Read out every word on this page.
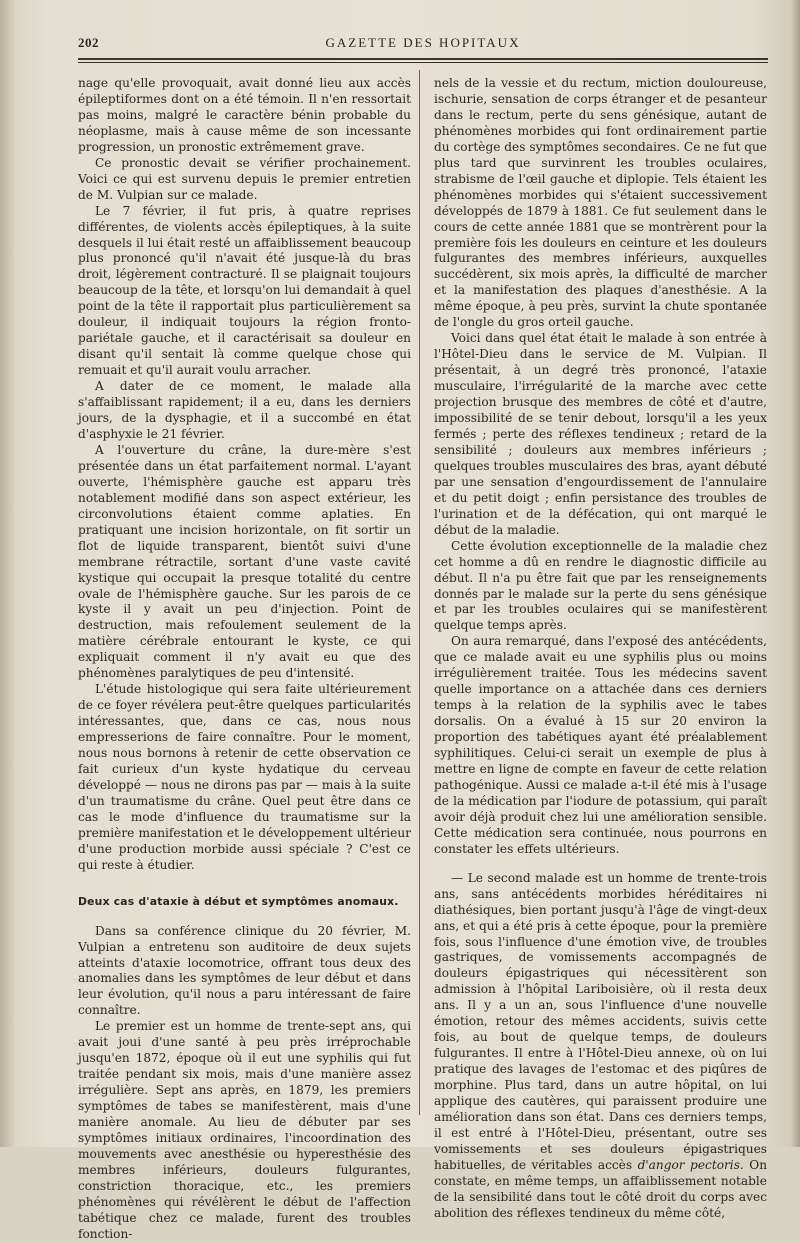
202	GAZETTE DES HOPITAUX

nage qu'elle provoquait, avait donné lieu aux accès épileptiformes dont on a été témoin. Il n'en ressortait pas moins, malgré le caractère bénin probable du néoplasme, mais à cause même de son incessante progression, un pronostic extrêmement grave.

Ce pronostic devait se vérifier prochainement. Voici ce qui est survenu depuis le premier entretien de M. Vulpian sur ce malade.

Le 7 février, il fut pris, à quatre reprises différentes, de violents accès épileptiques, à la suite desquels il lui était resté un affaiblissement beaucoup plus prononcé qu'il n'avait été jusque-là du bras droit, légèrement contracturé. Il se plaignait toujours beaucoup de la tête, et lorsqu'on lui demandait à quel point de la tête il rapportait plus particulièrement sa douleur, il indiquait toujours la région fronto-pariétale gauche, et il caractérisait sa douleur en disant qu'il sentait là comme quelque chose qui remuait et qu'il aurait voulu arracher.

A dater de ce moment, le malade alla s'affaiblissant rapidement; il a eu, dans les derniers jours, de la dysphagie, et il a succombé en état d'asphyxie le 21 février.

A l'ouverture du crâne, la dure-mère s'est présentée dans un état parfaitement normal. L'ayant ouverte, l'hémisphère gauche est apparu très notablement modifié dans son aspect extérieur, les circonvolutions étaient comme aplaties. En pratiquant une incision horizontale, on fit sortir un flot de liquide transparent, bientôt suivi d'une membrane rétractile, sortant d'une vaste cavité kystique qui occupait la presque totalité du centre ovale de l'hémisphère gauche. Sur les parois de ce kyste il y avait un peu d'injection. Point de destruction, mais refoulement seulement de la matière cérébrale entourant le kyste, ce qui expliquait comment il n'y avait eu que des phénomènes paralytiques de peu d'intensité.

L'étude histologique qui sera faite ultérieurement de ce foyer révélera peut-être quelques particularités intéressantes, que, dans ce cas, nous nous empresserions de faire connaître. Pour le moment, nous nous bornons à retenir de cette observation ce fait curieux d'un kyste hydatique du cerveau développé — nous ne dirons pas par — mais à la suite d'un traumatisme du crâne. Quel peut être dans ce cas le mode d'influence du traumatisme sur la première manifestation et le développement ultérieur d'une production morbide aussi spéciale ? C'est ce qui reste à étudier.

Deux cas d'ataxie à début et symptômes anomaux.

Dans sa conférence clinique du 20 février, M. Vulpian a entretenu son auditoire de deux sujets atteints d'ataxie locomotrice, offrant tous deux des anomalies dans les symptômes de leur début et dans leur évolution, qu'il nous a paru intéressant de faire connaître.

Le premier est un homme de trente-sept ans, qui avait joui d'une santé à peu près irréprochable jusqu'en 1872, époque où il eut une syphilis qui fut traitée pendant six mois, mais d'une manière assez irrégulière. Sept ans après, en 1879, les premiers symptômes de tabes se manifestèrent, mais d'une manière anomale. Au lieu de débuter par ses symptômes initiaux ordinaires, l'incoordination des mouvements avec anesthésie ou hyperesthésie des membres inférieurs, douleurs fulgurantes, constriction thoracique, etc., les premiers phénomènes qui révélèrent le début de l'affection tabétique chez ce malade, furent des troubles fonction-

nels de la vessie et du rectum, miction douloureuse, ischurie, sensation de corps étranger et de pesanteur dans le rectum, perte du sens génésique, autant de phénomènes morbides qui font ordinairement partie du cortège des symptômes secondaires. Ce ne fut que plus tard que survinrent les troubles oculaires, strabisme de l'œil gauche et diplopie. Tels étaient les phénomènes morbides qui s'étaient successivement développés de 1879 à 1881. Ce fut seulement dans le cours de cette année 1881 que se montrèrent pour la première fois les douleurs en ceinture et les douleurs fulgurantes des membres inférieurs, auxquelles succédèrent, six mois après, la difficulté de marcher et la manifestation des plaques d'anesthésie. A la même époque, à peu près, survint la chute spontanée de l'ongle du gros orteil gauche.

Voici dans quel état était le malade à son entrée à l'Hôtel-Dieu dans le service de M. Vulpian. Il présentait, à un degré très prononcé, l'ataxie musculaire, l'irrégularité de la marche avec cette projection brusque des membres de côté et d'autre, impossibilité de se tenir debout, lorsqu'il a les yeux fermés ; perte des réflexes tendineux ; retard de la sensibilité ; douleurs aux membres inférieurs ; quelques troubles musculaires des bras, ayant débuté par une sensation d'engourdissement de l'annulaire et du petit doigt ; enfin persistance des troubles de l'urination et de la défécation, qui ont marqué le début de la maladie.

Cette évolution exceptionnelle de la maladie chez cet homme a dû en rendre le diagnostic difficile au début. Il n'a pu être fait que par les renseignements donnés par le malade sur la perte du sens génésique et par les troubles oculaires qui se manifestèrent quelque temps après.

On aura remarqué, dans l'exposé des antécédents, que ce malade avait eu une syphilis plus ou moins irrégulièrement traitée. Tous les médecins savent quelle importance on a attachée dans ces derniers temps à la relation de la syphilis avec le tabes dorsalis. On a évalué à 15 sur 20 environ la proportion des tabétiques ayant été préalablement syphilitiques. Celui-ci serait un exemple de plus à mettre en ligne de compte en faveur de cette relation pathogénique. Aussi ce malade a-t-il été mis à l'usage de la médication par l'iodure de potassium, qui paraît avoir déjà produit chez lui une amélioration sensible. Cette médication sera continuée, nous pourrons en constater les effets ultérieurs.

— Le second malade est un homme de trente-trois ans, sans antécédents morbides héréditaires ni diathésiques, bien portant jusqu'à l'âge de vingt-deux ans, et qui a été pris à cette époque, pour la première fois, sous l'influence d'une émotion vive, de troubles gastriques, de vomissements accompagnés de douleurs épigastriques qui nécessitèrent son admission à l'hôpital Lariboisière, où il resta deux ans. Il y a un an, sous l'influence d'une nouvelle émotion, retour des mêmes accidents, suivis cette fois, au bout de quelque temps, de douleurs fulgurantes. Il entre à l'Hôtel-Dieu annexe, où on lui pratique des lavages de l'estomac et des piqûres de morphine. Plus tard, dans un autre hôpital, on lui applique des cautères, qui paraissent produire une amélioration dans son état. Dans ces derniers temps, il est entré à l'Hôtel-Dieu, présentant, outre ses vomissements et ses douleurs épigastriques habituelles, de véritables accès d'angor pectoris. On constate, en même temps, un affaiblissement notable de la sensibilité dans tout le côté droit du corps avec abolition des réflexes tendineux du même côté,
